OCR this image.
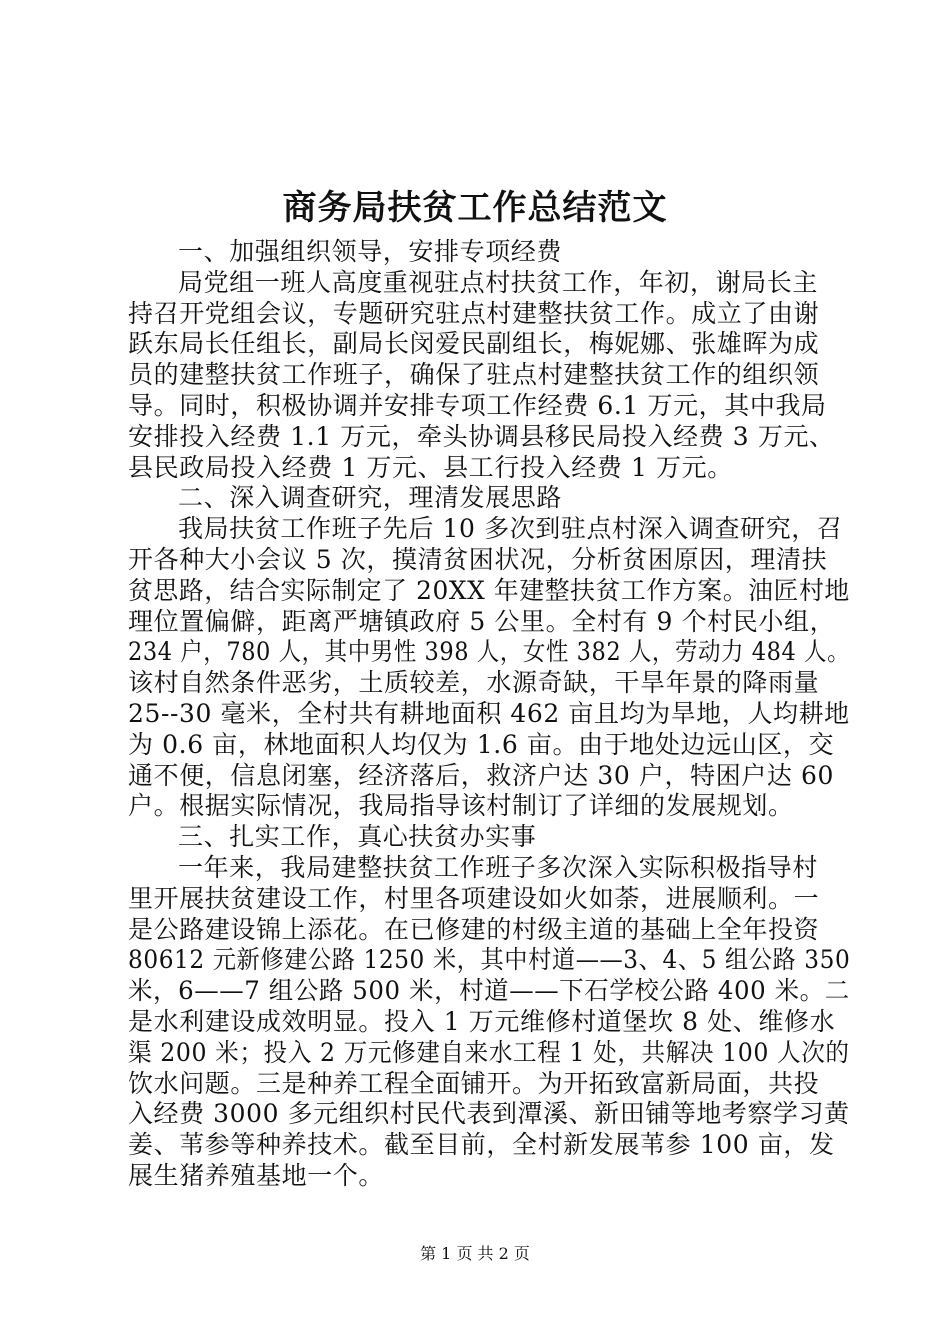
商务局扶贫工作总结范文
一、加强组织领导，安排专项经费
局党组一班人高度重视驻点村扶贫工作，年初，谢局长主
持召开党组会议，专题研究驻点村建整扶贫工作。成立了由谢
跃东局长任组长，副局长闵爱民副组长，梅妮娜、张雄晖为成
员的建整扶贫工作班子，确保了驻点村建整扶贫工作的组织领
导。同时，积极协调并安排专项工作经费 6.1 万元，其中我局
安排投入经费 1.1 万元，牵头协调县移民局投入经费 3 万元、
县民政局投入经费 1 万元、县工行投入经费 1 万元。
二、深入调查研究，理清发展思路
我局扶贫工作班子先后 10 多次到驻点村深入调查研究，召
开各种大小会议 5 次，摸清贫困状况，分析贫困原因，理清扶
贫思路，结合实际制定了 20XX 年建整扶贫工作方案。油匠村地
理位置偏僻，距离严塘镇政府 5 公里。全村有 9 个村民小组，
234 户，780 人，其中男性 398 人，女性 382 人，劳动力 484 人。
该村自然条件恶劣，土质较差，水源奇缺，干旱年景的降雨量
25--30 毫米，全村共有耕地面积 462 亩且均为旱地，人均耕地
为 0.6 亩，林地面积人均仅为 1.6 亩。由于地处边远山区，交
通不便，信息闭塞，经济落后，救济户达 30 户，特困户达 60
户。根据实际情况，我局指导该村制订了详细的发展规划。
三、扎实工作，真心扶贫办实事
一年来，我局建整扶贫工作班子多次深入实际积极指导村
里开展扶贫建设工作，村里各项建设如火如荼，进展顺利。一
是公路建设锦上添花。在已修建的村级主道的基础上全年投资
80612 元新修建公路 1250 米，其中村道——3、4、5 组公路 350
米，6——7 组公路 500 米，村道——下石学校公路 400 米。二
是水利建设成效明显。投入 1 万元维修村道堡坎 8 处、维修水
渠 200 米；投入 2 万元修建自来水工程 1 处，共解决 100 人次的
饮水问题。三是种养工程全面铺开。为开拓致富新局面，共投
入经费 3000 多元组织村民代表到潭溪、新田铺等地考察学习黄
姜、苇参等种养技术。截至目前，全村新发展苇参 100 亩，发
展生猪养殖基地一个。
第 1 页 共 2 页
